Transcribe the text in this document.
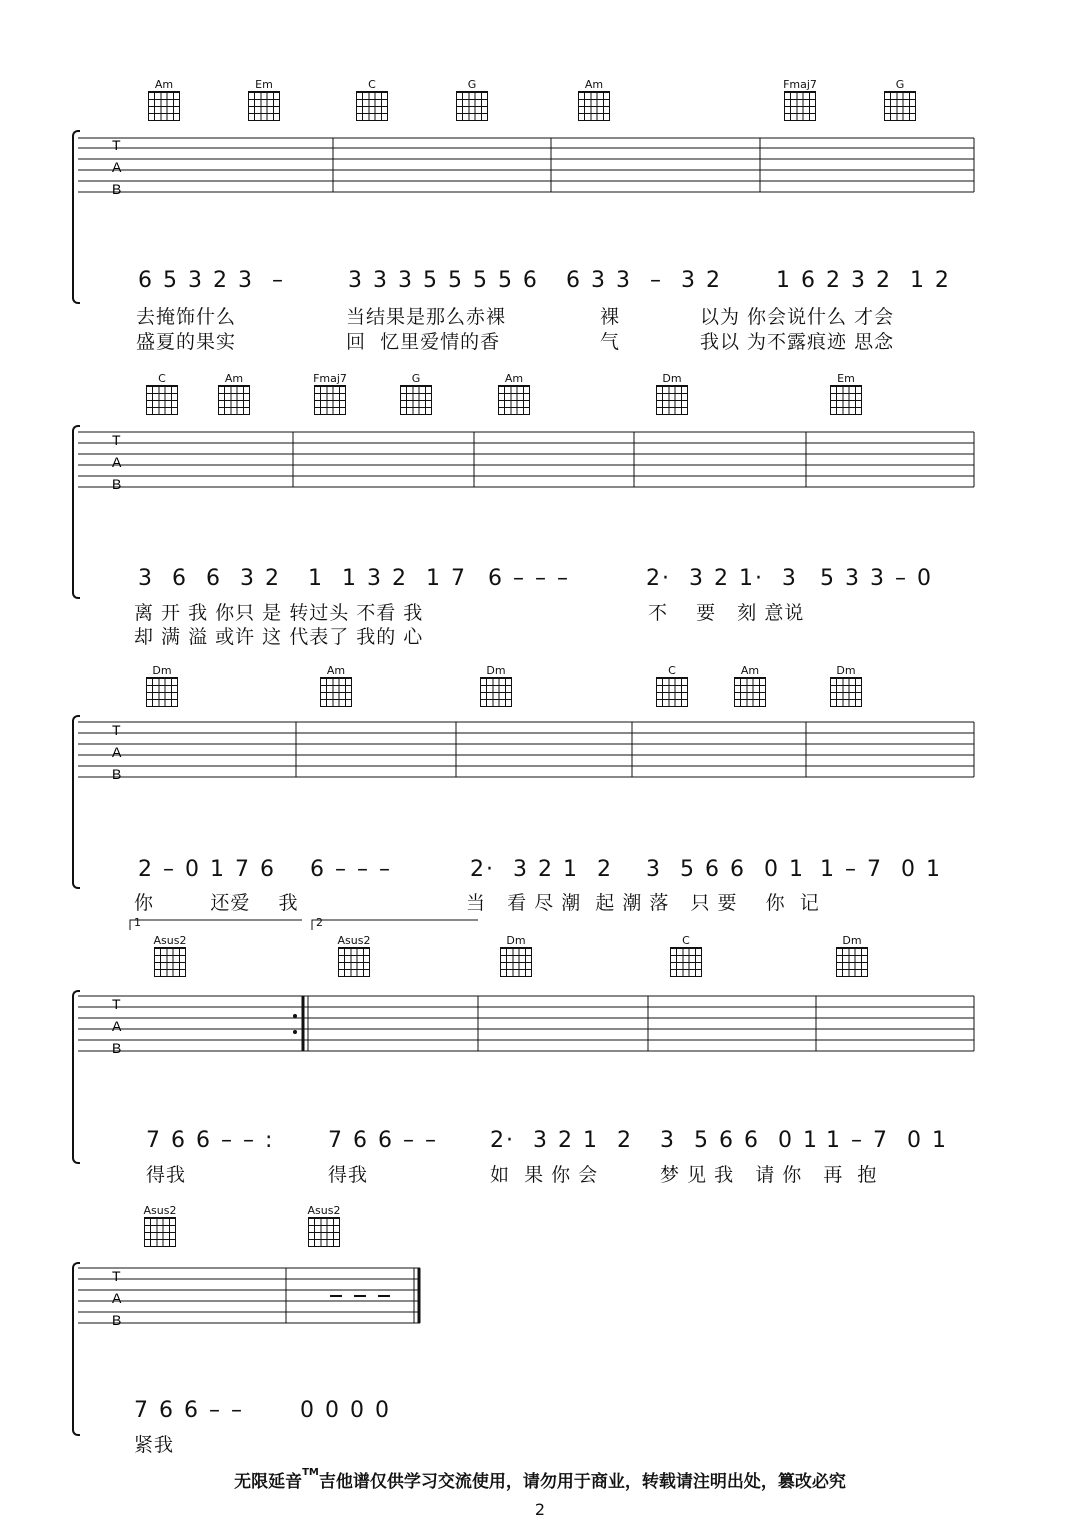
Am	Em	C	G	Am	Fmaj7	G
T
A
B
6 5 3 2 3  –	3 3 3 5 5 5 5 6 6 3 3  –  3 2 1 6 2 3 2  1 2
去掩饰什么	当结果是那么赤裸	裸	以为 你会说什么 才会
盛夏的果实	回  忆里爱情的香	气	我以 为不露痕迹 思念
C	Am	Fmaj7	G	Am	Dm	Em
T
A
B
3  6  6  3 2 1  1 3 2  1 7 6 – – –	2·  3 2 1·  3 5 3 3 – 0
离 开 我 你只 是 转过头 不看 我	不    要   刻 意说
却 满 溢 或许 这 代表了 我的 心
Dm	Am	Dm	C	Am	Dm
T
A
B
2 – 0 1 7 6 6 – – –	2·  3 2 1  2 3  5 6 6  0 1 1 – 7  0 1
你        还爱    我	当   看 尽 潮  起 潮 落   只 要    你  记
1	2
Asus2	Asus2	Dm	C	Dm
T
A
B
7 6 6 – – : 7 6 6 – – 2·  3 2 1  2 3  5 6 6  0 1 1 – 7  0 1
得我	得我	如  果 你 会	梦 见 我   请 你   再  抱
Asus2	Asus2
T
A
B
7 6 6 – –	0 0 0 0
紧我
无限延音™吉他谱仅供学习交流使用，请勿用于商业，转载请注明出处，篡改必究
2
